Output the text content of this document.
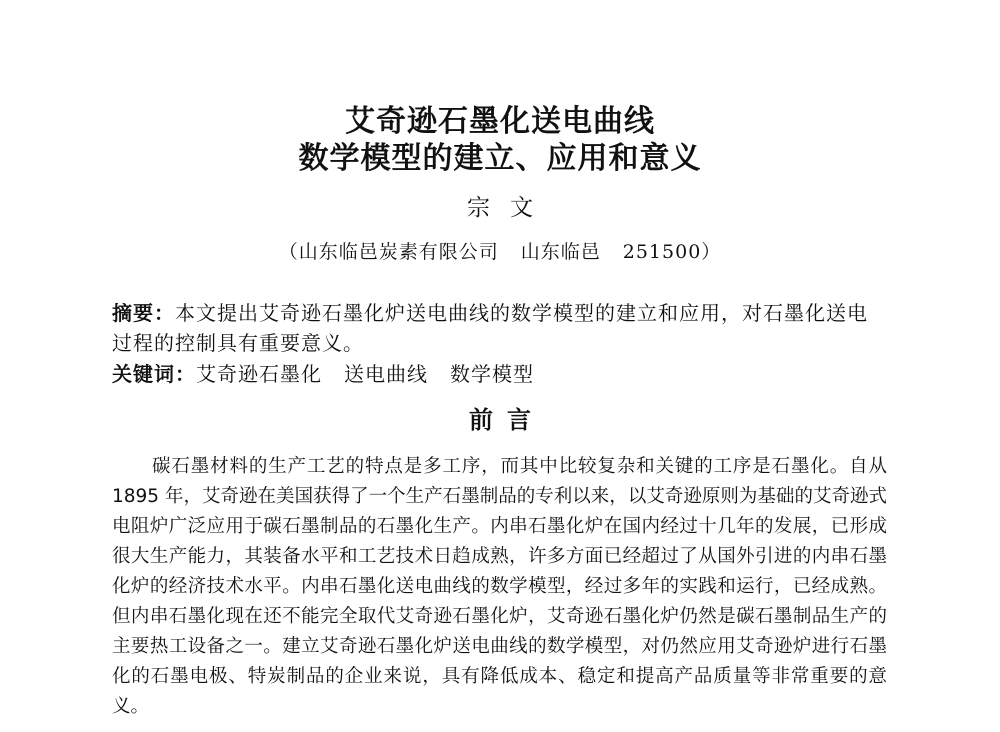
艾奇逊石墨化送电曲线
数学模型的建立、应用和意义
宗文
（山东临邑炭素有限公司 山东临邑 251500）
摘要：本文提出艾奇逊石墨化炉送电曲线的数学模型的建立和应用，对石墨化送电过程的控制具有重要意义。
关键词：艾奇逊石墨化 送电曲线 数学模型
前言

碳石墨材料的生产工艺的特点是多工序，而其中比较复杂和关键的工序是石墨化。自从 1895 年，艾奇逊在美国获得了一个生产石墨制品的专利以来，以艾奇逊原则为基础的艾奇逊式电阻炉广泛应用于碳石墨制品的石墨化生产。内串石墨化炉在国内经过十几年的发展，已形成很大生产能力，其装备水平和工艺技术日趋成熟，许多方面已经超过了从国外引进的内串石墨化炉的经济技术水平。内串石墨化送电曲线的数学模型，经过多年的实践和运行，已经成熟。但内串石墨化现在还不能完全取代艾奇逊石墨化炉，艾奇逊石墨化炉仍然是碳石墨制品生产的主要热工设备之一。建立艾奇逊石墨化炉送电曲线的数学模型，对仍然应用艾奇逊炉进行石墨化的石墨电极、特炭制品的企业来说，具有降低成本、稳定和提高产品质量等非常重要的意义。
